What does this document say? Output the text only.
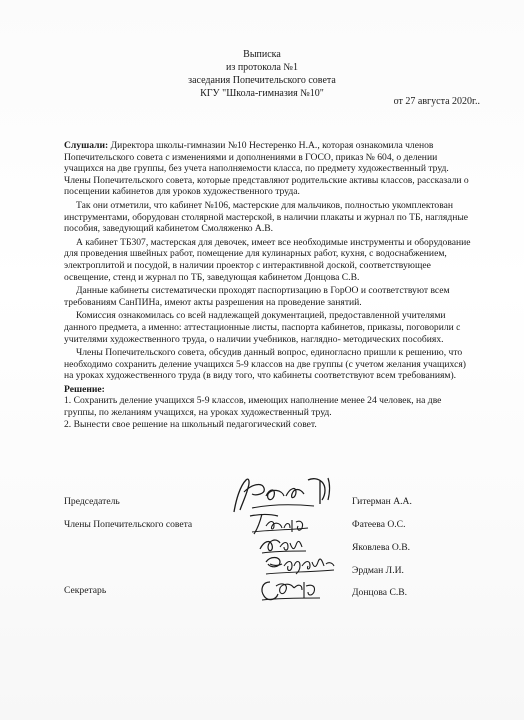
Выписка
из протокола №1
заседания Попечительского совета
КГУ "Школа-гимназия №10"
от 27 августа 2020г..

Слушали: Директора школы-гимназии №10 Нестеренко Н.А., которая ознакомила членов Попечительского совета с изменениями и дополнениями в ГОСО, приказ № 604, о делении учащихся на две группы, без учета наполняемости класса, по предмету художественный труд. Члены Попечительского совета, которые представляют родительские активы классов, рассказали о посещении кабинетов для уроков художественного труда.

Так они отметили, что кабинет №106, мастерские для мальчиков, полностью укомплектован инструментами, оборудован столярной мастерской, в наличии плакаты и журнал по ТБ, наглядные пособия, заведующий кабинетом Смоляженко А.В.

А кабинет ТБ307, мастерская для девочек, имеет все необходимые инструменты и оборудование для проведения швейных работ, помещение для кулинарных работ, кухня, с водоснабжением, электроплитой и посудой, в наличии проектор с интерактивной доской, соответствующее освещение, стенд и журнал по ТБ, заведующая кабинетом Донцова С.В.

Данные кабинеты систематически проходят паспортизацию в ГорОО и соответствуют всем требованиям СанПИНа, имеют акты разрешения на проведение занятий.

Комиссия ознакомилась со всей надлежащей документацией, предоставленной учителями данного предмета, а именно: аттестационные листы, паспорта кабинетов, приказы, поговорили с учителями художественного труда, о наличии учебников, наглядно- методических пособиях.

Члены Попечительского совета, обсудив данный вопрос, единогласно пришли к решению, что необходимо сохранить деление учащихся 5-9 классов на две группы (с учетом желания учащихся) на уроках художественного труда (в виду того, что кабинеты соответствуют всем требованиям).

Решение:

1. Сохранить деление учащихся 5-9 классов, имеющих наполнение менее 24 человек, на две группы, по желаниям учащихся, на уроках художественный труд.

2. Вынести свое решение на школьный педагогический совет.

Председатель
Члены Попечительского совета
Секретарь
Гитерман А.А.
Фатеева О.С.
Яковлева О.В.
Эрдман Л.И.
Донцова С.В.
